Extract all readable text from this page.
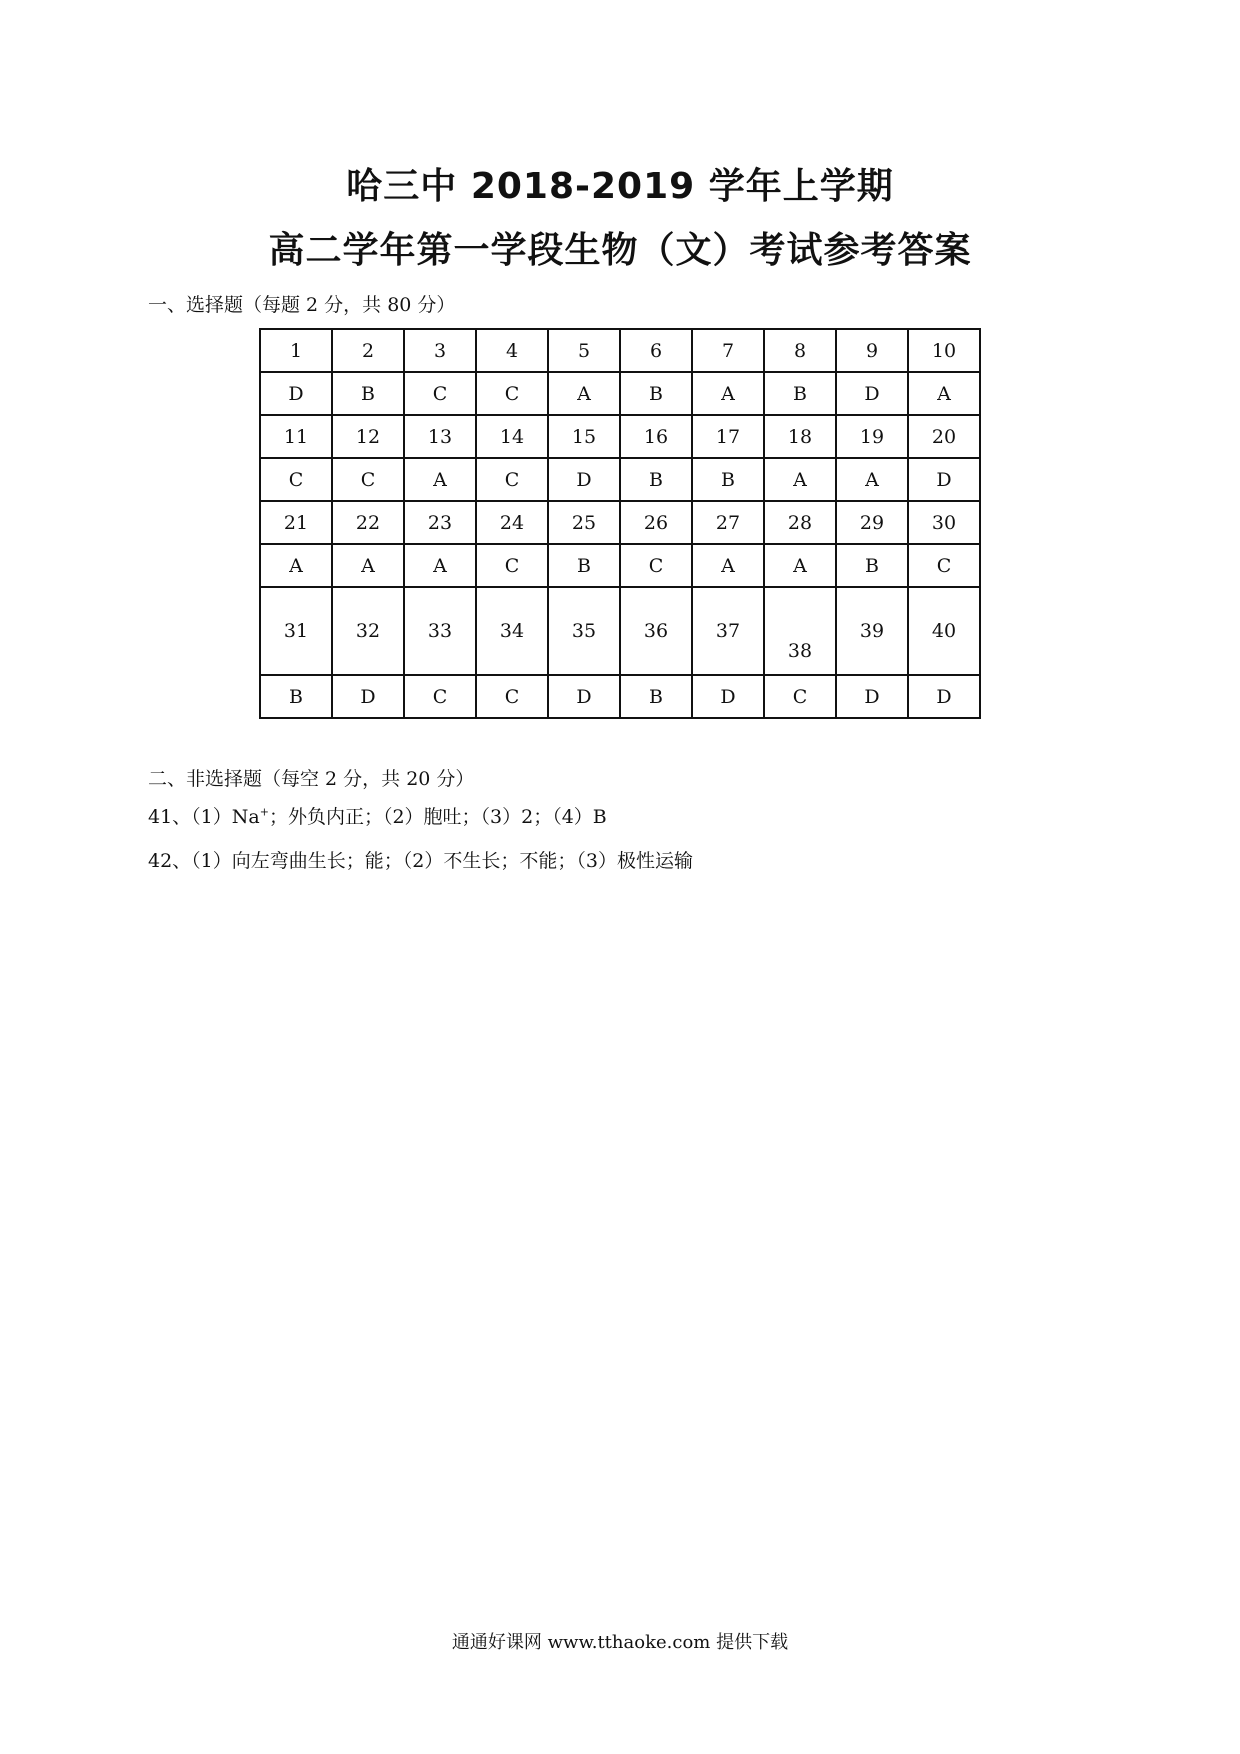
哈三中 2018-2019 学年上学期
高二学年第一学段生物（文）考试参考答案
一、选择题（每题 2 分，共 80 分）
1	2	3	4	5	6	7	8	9	10
D	B	C	C	A	B	A	B	D	A
11	12	13	14	15	16	17	18	19	20
C	C	A	C	D	B	B	A	A	D
21	22	23	24	25	26	27	28	29	30
A	A	A	C	B	C	A	A	B	C
31	32	33	34	35	36	37	38	39	40
B	D	C	C	D	B	D	C	D	D
二、非选择题（每空 2 分，共 20 分）
41、（1）Na+；外负内正；（2）胞吐；（3）2；（4）B
42、（1）向左弯曲生长；能；（2）不生长；不能；（3）极性运输
通通好课网 www.tthaoke.com 提供下载
